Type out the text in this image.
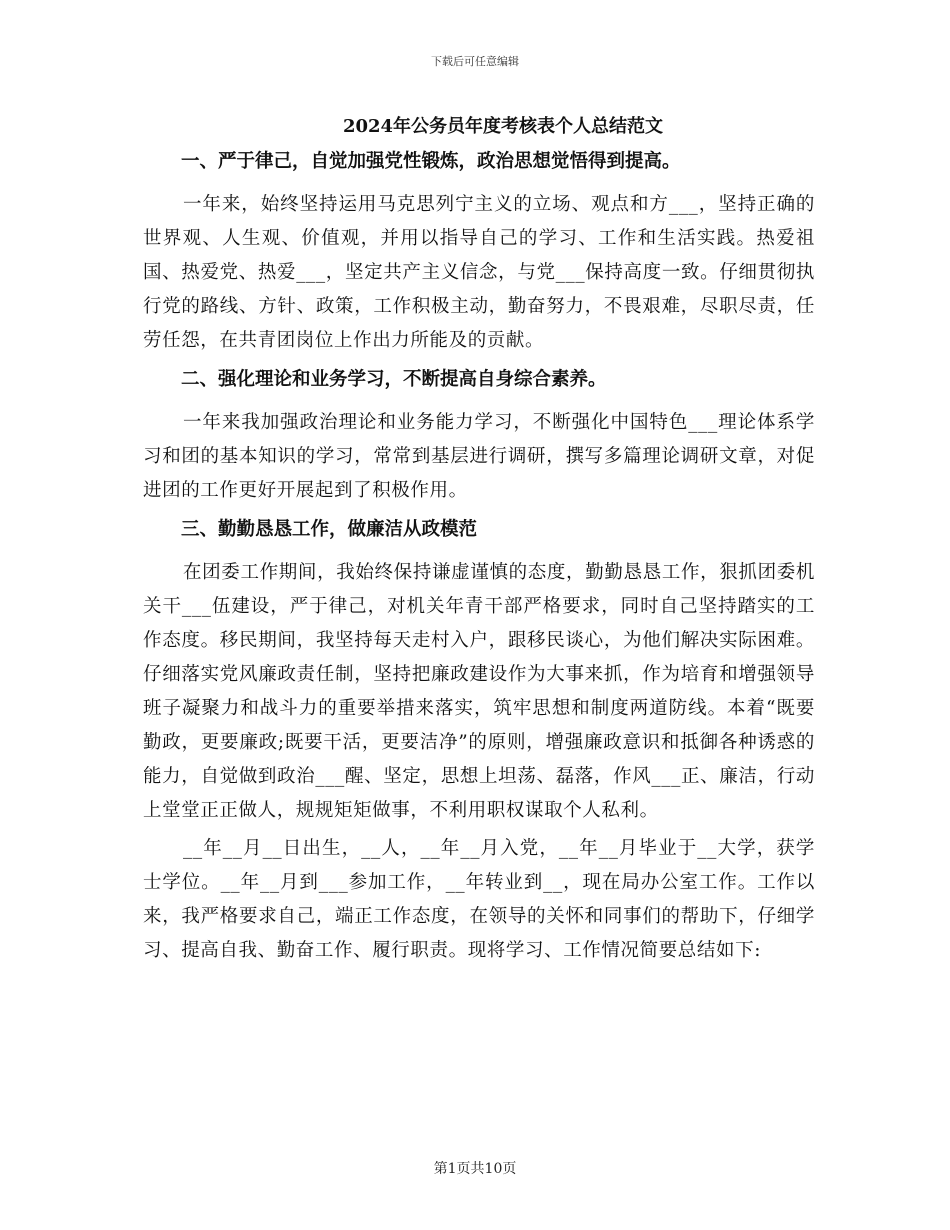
下载后可任意编辑

2024年公务员年度考核表个人总结范文

一、严于律己，自觉加强党性锻炼，政治思想觉悟得到提高。

一年来，始终坚持运用马克思列宁主义的立场、观点和方___，坚持正确的世界观、人生观、价值观，并用以指导自己的学习、工作和生活实践。热爱祖国、热爱党、热爱___，坚定共产主义信念，与党___保持高度一致。仔细贯彻执行党的路线、方针、政策，工作积极主动，勤奋努力，不畏艰难，尽职尽责，任劳任怨，在共青团岗位上作出力所能及的贡献。

二、强化理论和业务学习，不断提高自身综合素养。

一年来我加强政治理论和业务能力学习，不断强化中国特色___理论体系学习和团的基本知识的学习，常常到基层进行调研，撰写多篇理论调研文章，对促进团的工作更好开展起到了积极作用。

三、勤勤恳恳工作，做廉洁从政模范

在团委工作期间，我始终保持谦虚谨慎的态度，勤勤恳恳工作，狠抓团委机关干___伍建设，严于律己，对机关年青干部严格要求，同时自己坚持踏实的工作态度。移民期间，我坚持每天走村入户，跟移民谈心，为他们解决实际困难。仔细落实党风廉政责任制，坚持把廉政建设作为大事来抓，作为培育和增强领导班子凝聚力和战斗力的重要举措来落实，筑牢思想和制度两道防线。本着“既要勤政，更要廉政;既要干活，更要洁净”的原则，增强廉政意识和抵御各种诱惑的能力，自觉做到政治___醒、坚定，思想上坦荡、磊落，作风___正、廉洁，行动上堂堂正正做人，规规矩矩做事，不利用职权谋取个人私利。

__年__月__日出生，__人，__年__月入党，__年__月毕业于__大学，获学士学位。__年__月到___参加工作，__年转业到__，现在局办公室工作。工作以来，我严格要求自己，端正工作态度，在领导的关怀和同事们的帮助下，仔细学习、提高自我、勤奋工作、履行职责。现将学习、工作情况简要总结如下:

第1页共10页
